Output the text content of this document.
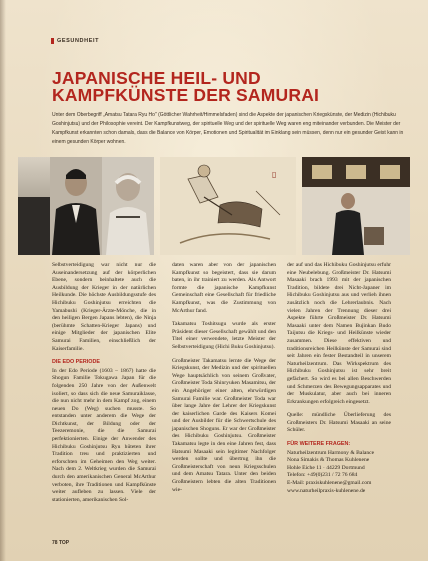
GESUNDHEIT
JAPANISCHE HEIL- UND
KAMPFKÜNSTE DER SAMURAI
Unter dem Oberbegriff „Amatsu Tatara Ryu Ho" (Göttlicher Wahrheit/Himmelsfaden) sind die Aspekte der japanischen Kriegskünste, der Medizin (Hichibuku Goshinjutsu) und der Philosophie vereint. Der Kampfkunstweg, der spirituelle Weg und der spirituelle Weg waren eng miteinander verbunden. Die Meister der Kampfkunst erkannten schon damals, dass die Balance von Körper, Emotionen und Spiritualität im Einklang sein müssen, denn nur ein gesunder Geist kann in einem gesunden Körper wohnen.
▯

Selbstverteidigung war nicht nur die Auseinandersetzung auf der körperlichen Ebene, sondern beinhaltete auch die Ausbildung der Krieger in der natürlichen Heilkunde. Die höchste Ausbildungsstufe des Hichibuku Goshinjutsu erreichten die Yamabushi (Krieger-Ärzte-Mönche, die in den heiligen Bergen Japans lebten), die Ninja (berühmte Schatten-Krieger Japans) und einige Mitglieder der japanischen Elite Samurai Familien, einschließlich der Kaiserfamilie.

DIE EDO PERIODE

In der Edo Periode (1603 – 1867) hatte die Shogun Familie Tokugawa Japan für die folgenden 250 Jahre von der Außenwelt isoliert, so dass sich die neue Samuraiklasse, die nun nicht mehr in dem Kampf zog, einem neuen Do (Weg) suchen musste. So entstanden unter anderem die Wege der Dichtkunst, der Bildung oder der Teezeremonie, die die Samurai perfektionierten. Einige der Anwender des Hichibuku Goshinjutsu Ryu hüteten ihrer Tradition treu und praktizierten und erforschten im Geheimen den Weg weiter. Nach dem 2. Weltkrieg wurden die Samurai durch den amerikanischen General McArthur verboten, ihre Traditionen und Kampfkünste weiter aufleben zu lassen. Viele der stationierten, amerikanischen Sol-

daten waren aber von der japanischen Kampfkunst so begeistert, dass sie darum baten, in ihr trainiert zu werden. Als Antwort formte die japanische Kampfkunst Gemeinschaft eine Gesellschaft für friedliche Kampfkunst, was die Zustimmung von McArthur fand.

Takamatsu Toshitsugu wurde als erster Präsident dieser Gesellschaft gewählt und den Titel einer verwendete, letzte Meister der Selbstverteidigung (Hichi Buku Goshinjutsu).

Großmeister Takamatsu lernte die Wege der Kriegskunst, der Medizin und der spirituellen Wege hauptsächlich von seinem Großvater, Großmeister Toda Shinryuken Masamitsu, der ein Angehöriger einer alten, ehrwürdigen Samurai Familie war. Großmeister Toda war über lange Jahre der Lehrer der Kriegskunst der kaiserlichen Garde des Kaisers Komei und der Ausbilder für die Schwertschule des japanischen Shoguns. Er war der Großmeister des Hichibuku Goshinjutsu. Großmeister Takamatsu legte in den eine Jahren fest, dass Hatsumi Masaaki sein legitimer Nachfolger werden sollte und übertrug ihn die Großmeisterschaft von neun Kriegsschulen und dem Amatsu Tatara. Unter den beiden Großmeistern lebten die alten Traditionen wie-

der auf und das Hichibuku Goshinjutsu erfuhr eine Neubelebung. Großmeister Dr. Hatsumi Masaaki brach 1993 mit der japanischen Tradition, bildete drei Nicht-Japaner im Hichibuku Goshinjutsu aus und verlieh ihnen zusätzlich noch die Lehrerlaubnis. Nach vielen Jahren der Trennung dieser drei Aspekte führte Großmeister Dr. Hatsumi Masaaki unter dem Namen Bujinkan Budo Taijutsu die Kriegs- und Heilkünste wieder zusammen. Diese effektiven und traditionsreichen Heilkünste der Samurai sind seit Jahren ein fester Bestandteil in unserem Naturheilzentrum. Das Wirkspektrum des Hichibuku Goshinjutsu ist sehr breit gefächert. So wird es bei allen Beschwerden und Schmerzen des Bewegungsapparates und der Muskulatur, aber auch bei inneren Erkrankungen erfolgreich eingesetzt.

Quelle: mündliche Überlieferung des Großmeisters Dr. Hatsumi Masaaki an seine Schüler.

FÜR WEITERE FRAGEN:
Naturheilzentrum Harmony & Balance
Nona Simakis & Thomas Kuhlenene
Hohle Eiche 11 · 44229 Dortmund
Telefon: +49(0)231 / 72 76 684
E-Mail: praxiskuhlenene@gmail.com
www.naturheilpraxis-kuhlenene.de
78 TOP
